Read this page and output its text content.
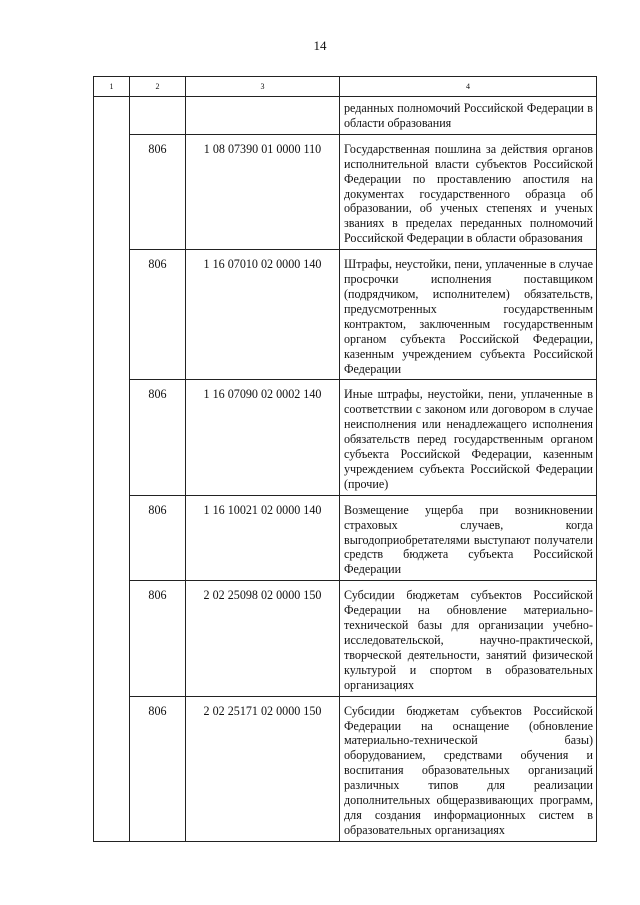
14
1	2	3	4
			реданных полномочий Российской Федерации в области образования
	806	1 08 07390 01 0000 110	Государственная пошлина за действия органов исполнительной власти субъектов Российской Федерации по проставлению апостиля на документах государственного образца об образовании, об ученых степенях и ученых званиях в пределах переданных полномочий Российской Федерации в области образования
	806	1 16 07010 02 0000 140	Штрафы, неустойки, пени, уплаченные в случае просрочки исполнения поставщиком (подрядчиком, исполнителем) обязательств, предусмотренных государственным контрактом, заключенным государственным органом субъекта Российской Федерации, казенным учреждением субъекта Российской Федерации
	806	1 16 07090 02 0002 140	Иные штрафы, неустойки, пени, уплаченные в соответствии с законом или договором в случае неисполнения или ненадлежащего исполнения обязательств перед государственным органом субъекта Российской Федерации, казенным учреждением субъекта Российской Федерации (прочие)
	806	1 16 10021 02 0000 140	Возмещение ущерба при возникновении страховых случаев, когда выгодоприобретателями выступают получатели средств бюджета субъекта Российской Федерации
	806	2 02 25098 02 0000 150	Субсидии бюджетам субъектов Российской Федерации на обновление материально-технической базы для организации учебно-исследовательской, научно-практической, творческой деятельности, занятий физической культурой и спортом в образовательных организациях
	806	2 02 25171 02 0000 150	Субсидии бюджетам субъектов Российской Федерации на оснащение (обновление материально-технической базы) оборудованием, средствами обучения и воспитания образовательных организаций различных типов для реализации дополнительных общеразвивающих программ, для создания информационных систем в образовательных организациях
